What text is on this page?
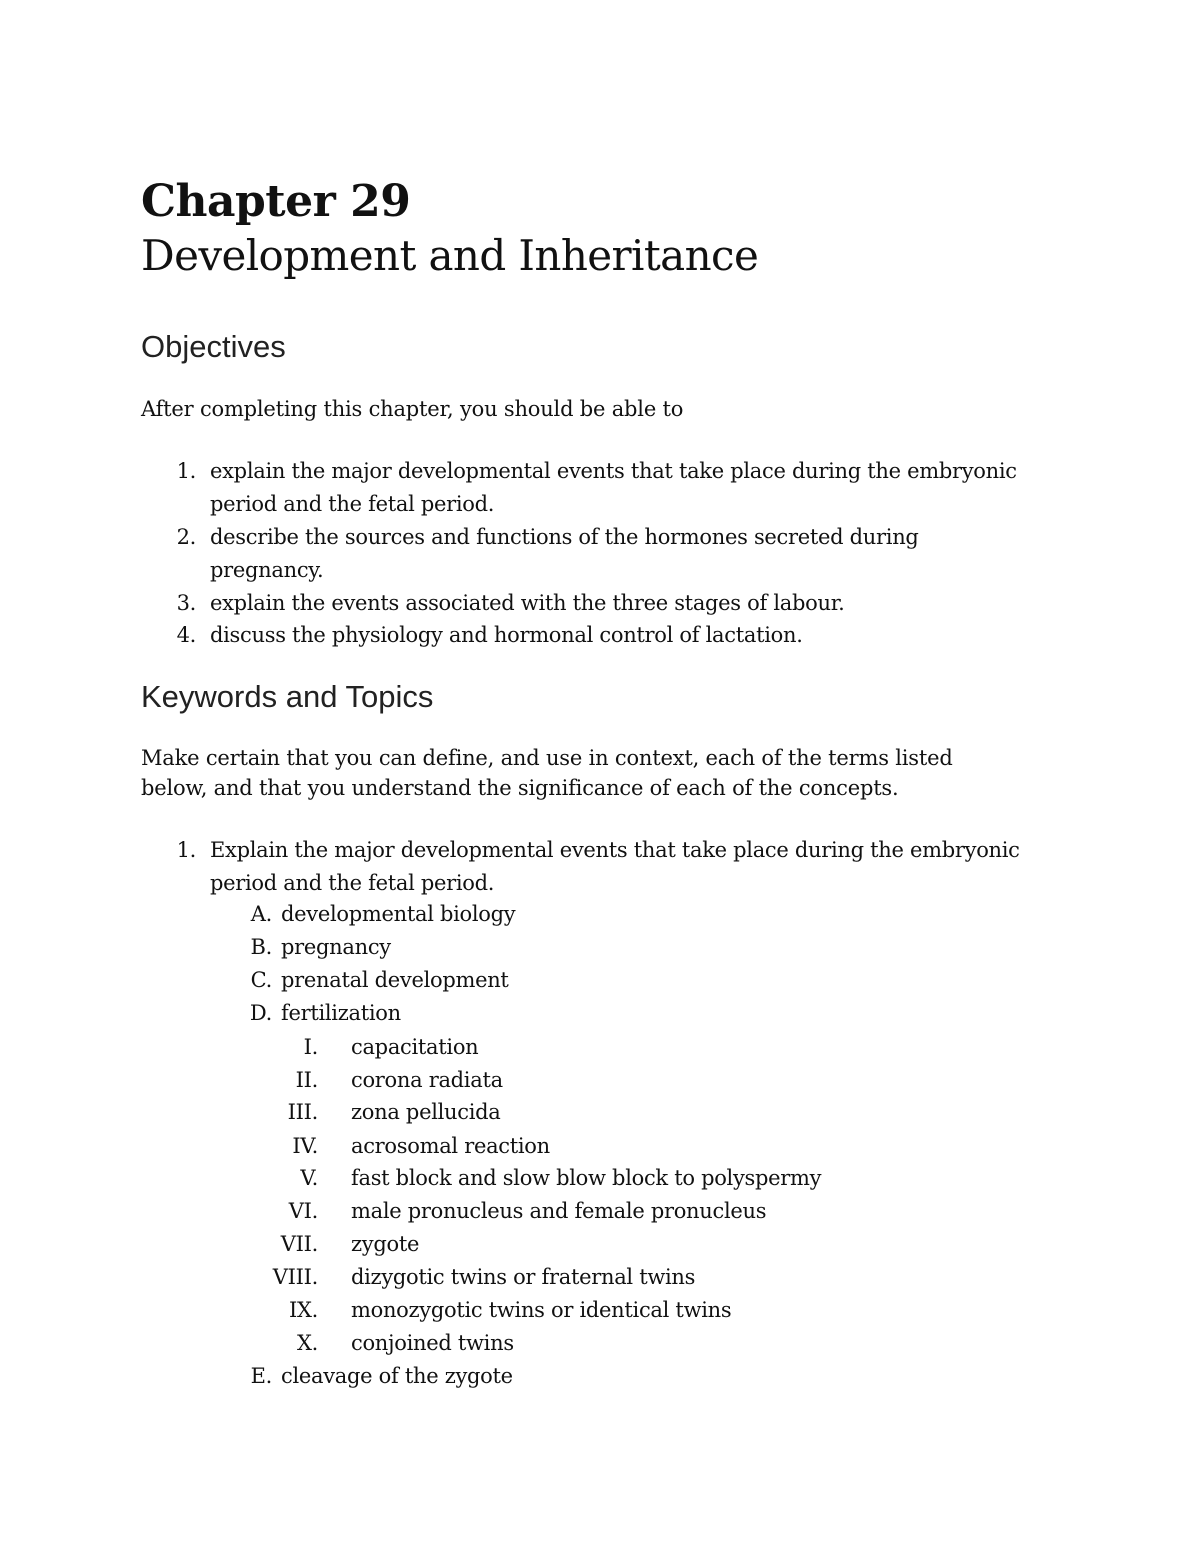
Chapter 29
Development and Inheritance
Objectives
After completing this chapter, you should be able to
1. explain the major developmental events that take place during the embryonic
period and the fetal period.
2. describe the sources and functions of the hormones secreted during
pregnancy.
3. explain the events associated with the three stages of labour.
4. discuss the physiology and hormonal control of lactation.
Keywords and Topics
Make certain that you can define, and use in context, each of the terms listed
below, and that you understand the significance of each of the concepts.
1. Explain the major developmental events that take place during the embryonic
period and the fetal period.
A. developmental biology
B. pregnancy
C. prenatal development
D. fertilization
I. capacitation
II. corona radiata
III. zona pellucida
IV. acrosomal reaction
V. fast block and slow blow block to polyspermy
VI. male pronucleus and female pronucleus
VII. zygote
VIII. dizygotic twins or fraternal twins
IX. monozygotic twins or identical twins
X. conjoined twins
E. cleavage of the zygote
